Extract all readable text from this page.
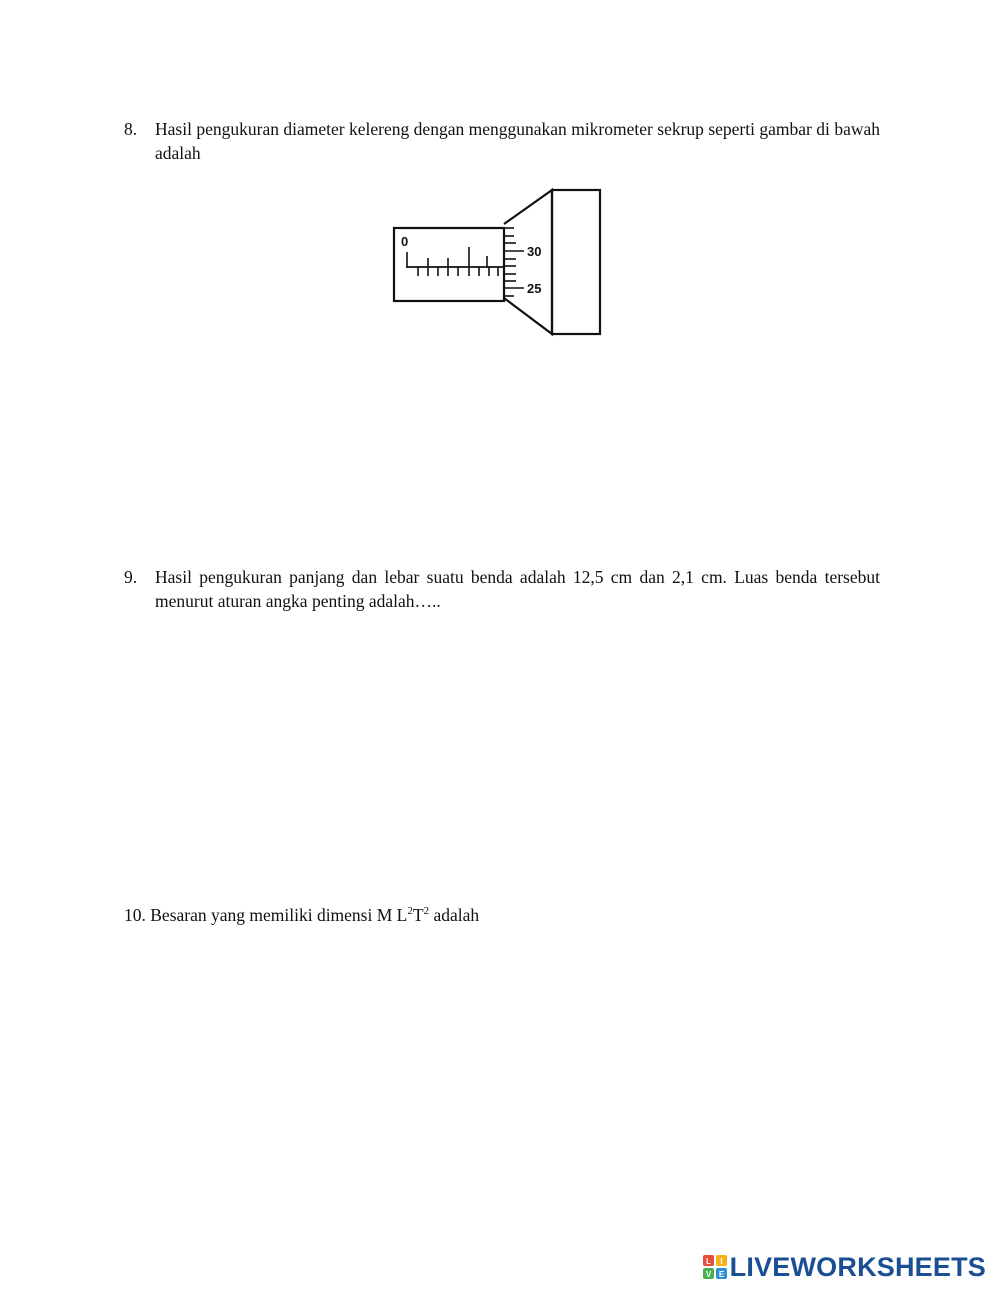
8. Hasil pengukuran diameter kelereng dengan menggunakan mikrometer sekrup seperti gambar di bawah adalah
0
30
25
9. Hasil pengukuran panjang dan lebar suatu benda adalah 12,5 cm dan 2,1 cm. Luas benda tersebut menurut aturan angka penting adalah…..
10. Besaran yang memiliki dimensi M $L^2T^2$ adalah
L I
V E LIVEWORKSHEETS
